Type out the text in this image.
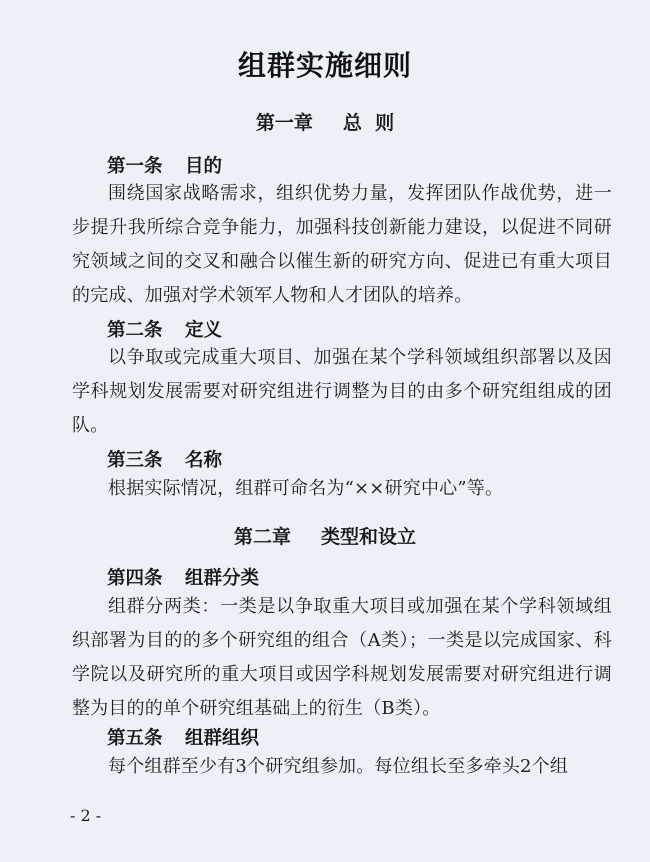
组群实施细则
第一章 总  则
第一条 目的
围绕国家战略需求，组织优势力量，发挥团队作战优势，进一步提升我所综合竞争能力，加强科技创新能力建设，以促进不同研究领域之间的交叉和融合以催生新的研究方向、促进已有重大项目的完成、加强对学术领军人物和人才团队的培养。
第二条 定义
以争取或完成重大项目、加强在某个学科领域组织部署以及因学科规划发展需要对研究组进行调整为目的由多个研究组组成的团队。
第三条 名称
根据实际情况，组群可命名为“××研究中心”等。
第二章 类型和设立
第四条 组群分类
组群分两类：一类是以争取重大项目或加强在某个学科领域组织部署为目的的多个研究组的组合（A类）；一类是以完成国家、科学院以及研究所的重大项目或因学科规划发展需要对研究组进行调整为目的的单个研究组基础上的衍生（B类）。
第五条 组群组织
每个组群至少有3个研究组参加。每位组长至多牵头2个组
- 2 -
